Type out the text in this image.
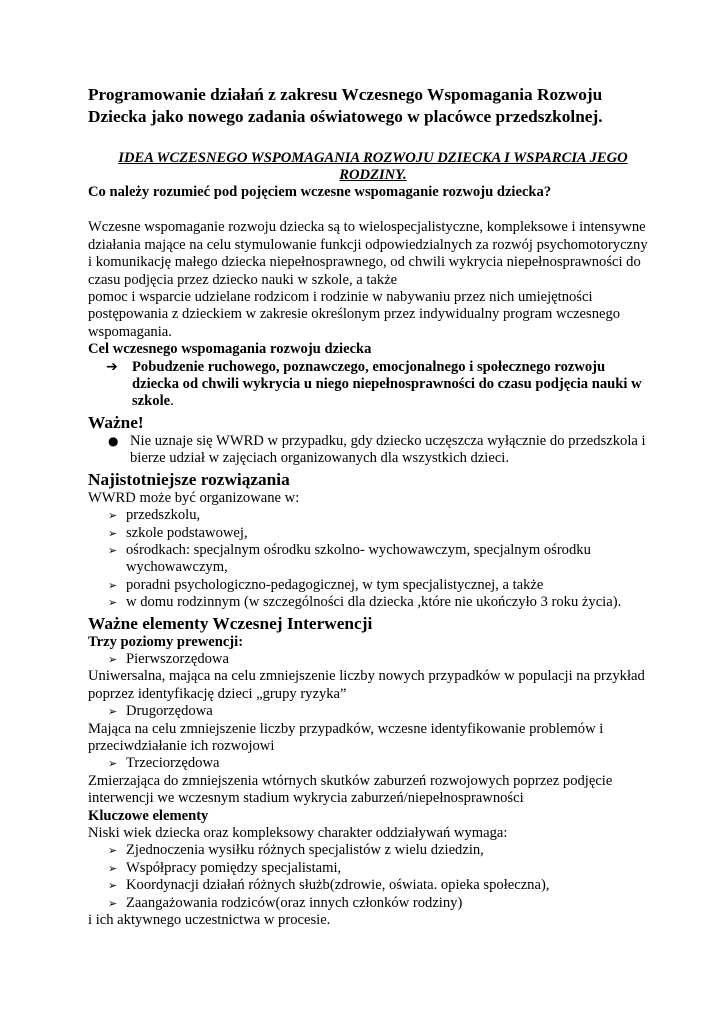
Programowanie działań z zakresu Wczesnego Wspomagania Rozwoju Dziecka jako nowego zadania oświatowego w placówce przedszkolnej.

IDEA WCZESNEGO WSPOMAGANIA ROZWOJU DZIECKA I WSPARCIA JEGO RODZINY.

Co należy rozumieć pod pojęciem wczesne wspomaganie rozwoju dziecka?

Wczesne wspomaganie rozwoju dziecka są to wielospecjalistyczne, kompleksowe i intensywne działania mające na celu stymulowanie funkcji odpowiedzialnych za rozwój psychomotoryczny i komunikację małego dziecka niepełnosprawnego, od chwili wykrycia niepełnosprawności do czasu podjęcia przez dziecko nauki w szkole, a także
pomoc i wsparcie udzielane rodzicom i rodzinie w nabywaniu przez nich umiejętności postępowania z dzieckiem w zakresie określonym przez indywidualny program wczesnego wspomagania.

Cel wczesnego wspomagania rozwoju dziecka

➔ Pobudzenie ruchowego, poznawczego, emocjonalnego i społecznego rozwoju dziecka od chwili wykrycia u niego niepełnosprawności do czasu podjęcia nauki w szkole.

Ważne!

● Nie uznaje się WWRD w przypadku, gdy dziecko uczęszcza wyłącznie do przedszkola i bierze udział w zajęciach organizowanych dla wszystkich dzieci.

Najistotniejsze rozwiązania

WWRD może być organizowane w:

➢ przedszkolu,
➢ szkole podstawowej,
➢ ośrodkach: specjalnym ośrodku szkolno- wychowawczym, specjalnym ośrodku wychowawczym,
➢ poradni psychologiczno-pedagogicznej, w tym specjalistycznej, a także
➢ w domu rodzinnym (w szczególności dla dziecka ,które nie ukończyło 3 roku życia).

Ważne elementy Wczesnej Interwencji

Trzy poziomy prewencji:

➢ Pierwszorzędowa

Uniwersalna, mająca na celu zmniejszenie liczby nowych przypadków w populacji na przykład poprzez identyfikację dzieci „grupy ryzyka”

➢ Drugorzędowa

Mająca na celu zmniejszenie liczby przypadków, wczesne identyfikowanie problemów i przeciwdziałanie ich rozwojowi

➢ Trzeciorzędowa

Zmierzająca do zmniejszenia wtórnych skutków zaburzeń rozwojowych poprzez podjęcie interwencji we wczesnym stadium wykrycia zaburzeń/niepełnosprawności

Kluczowe elementy

Niski wiek dziecka oraz kompleksowy charakter oddziaływań wymaga:

➢ Zjednoczenia wysiłku różnych specjalistów z wielu dziedzin,
➢ Współpracy pomiędzy specjalistami,
➢ Koordynacji działań różnych służb(zdrowie, oświata. opieka społeczna),
➢ Zaangażowania rodziców(oraz innych członków rodziny)

i ich aktywnego uczestnictwa w procesie.
